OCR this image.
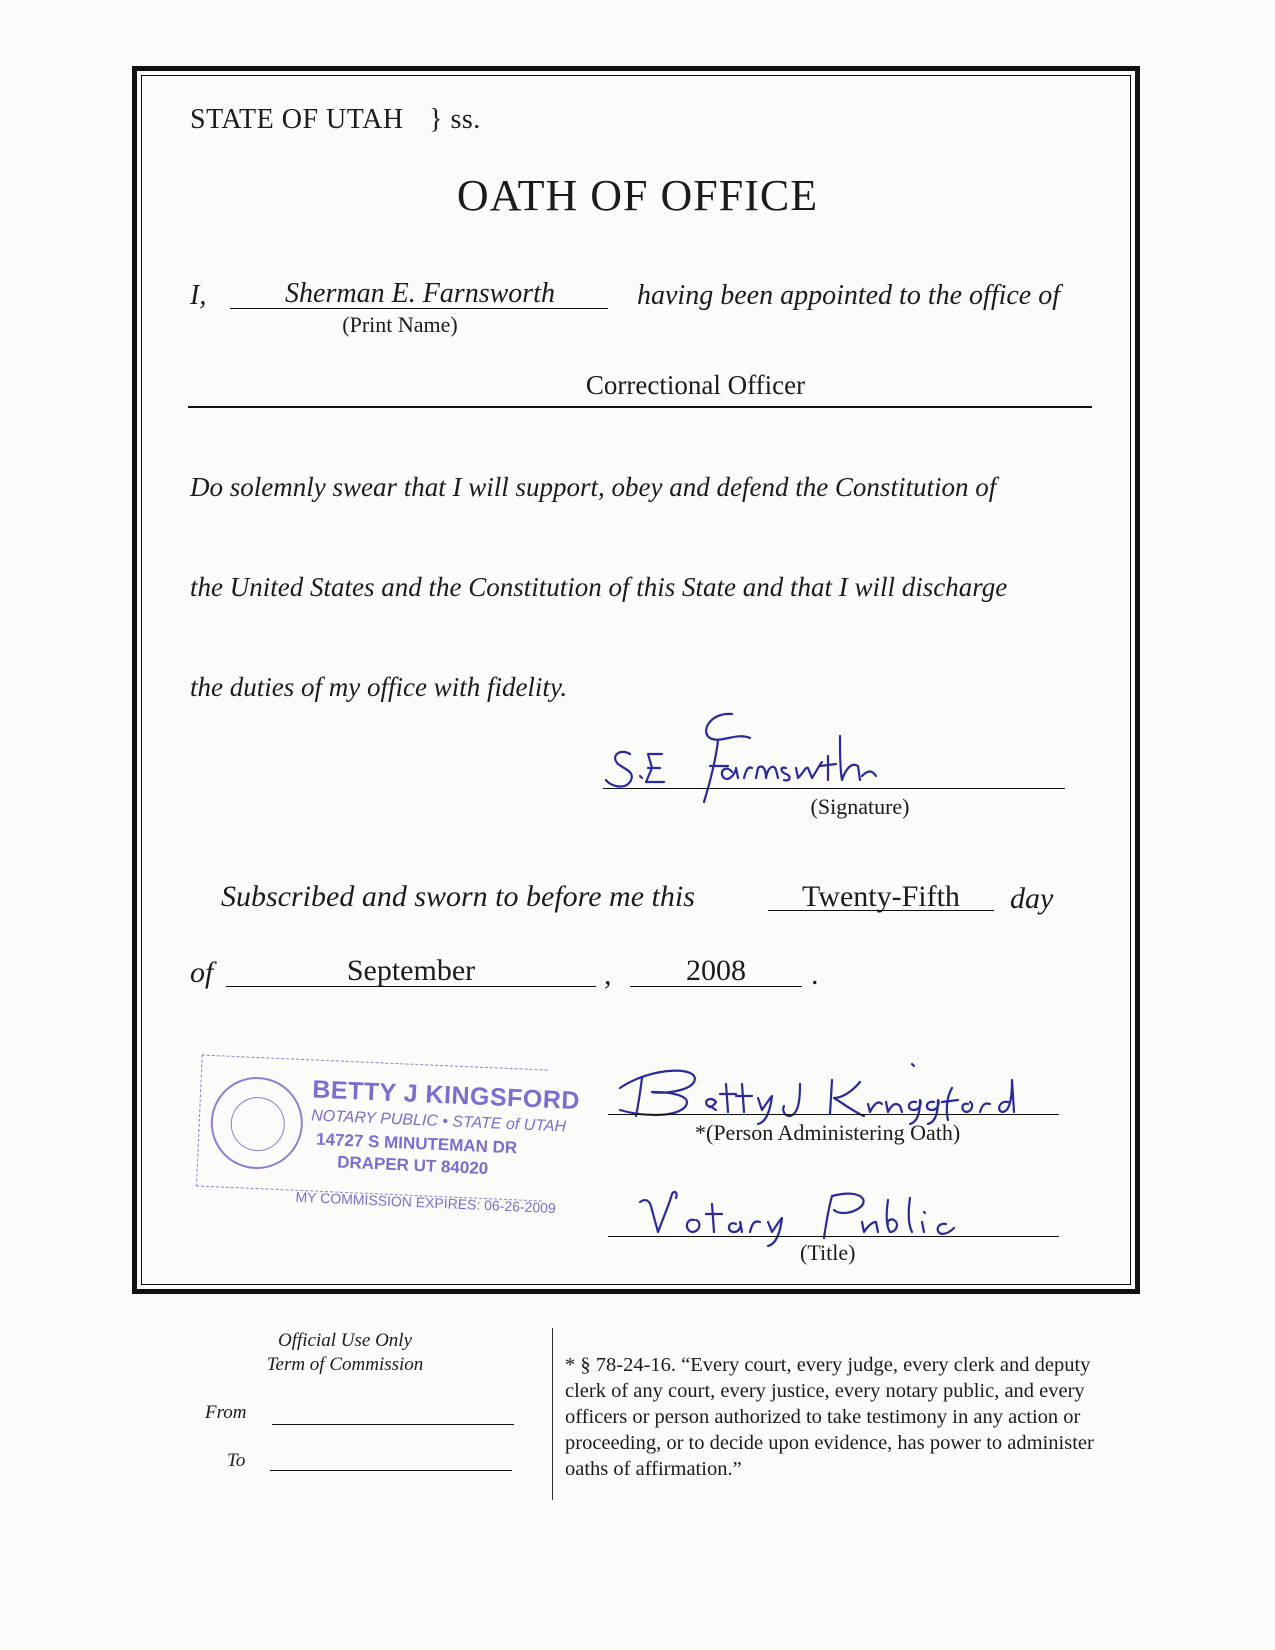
STATE OF UTAH } ss.
OATH OF OFFICE
I,	Sherman E. Farnsworth
(Print Name)
having been appointed to the office of
Correctional Officer
Do solemnly swear that I will support, obey and defend the Constitution of
the United States and the Constitution of this State and that I will discharge
the duties of my office with fidelity.
(Signature)
Subscribed and sworn to before me this	Twenty-Fifth	day
of	September	,	2008	.
BETTY J KINGSFORD
NOTARY PUBLIC • STATE of UTAH
14727 S MINUTEMAN DR
DRAPER UT 84020
MY COMMISSION EXPIRES: 06-26-2009
*(Person Administering Oath)
(Title)
Official Use Only
Term of Commission
From
To
* § 78-24-16. “Every court, every judge, every clerk and deputy clerk of any court, every justice, every notary public, and every officers or person authorized to take testimony in any action or proceeding, or to decide upon evidence, has power to administer oaths of affirmation.”
